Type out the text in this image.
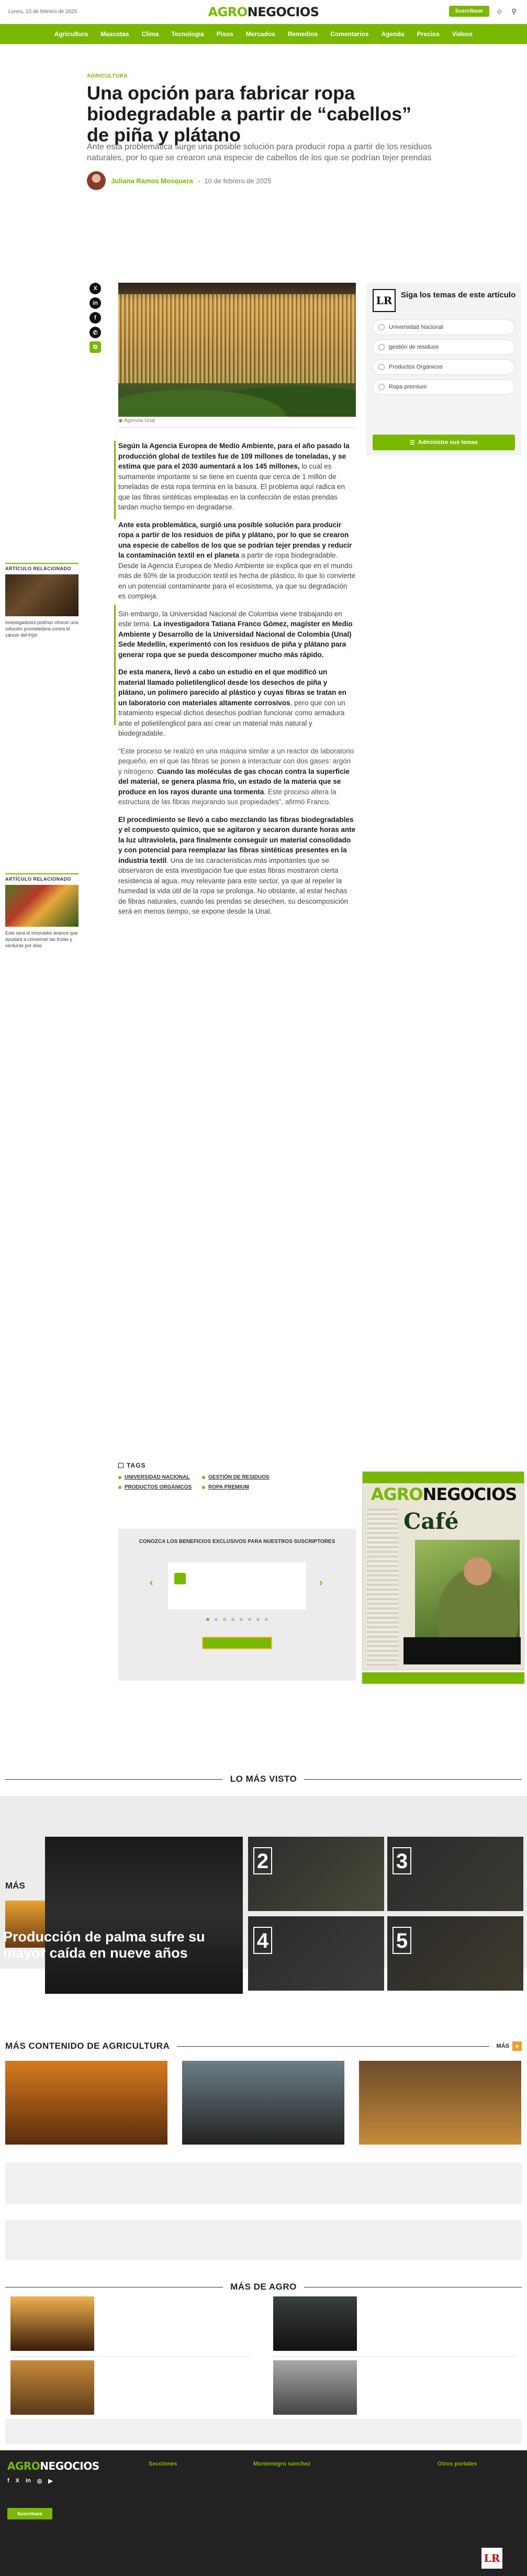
Lunes, 10 de febrero de 2025	AGRONEGOCIOS	Suscríbase	☺	⚲
Agricultura Mascotas Clima Tecnología Pisos Mercados Remedios Comentarios Agenda Precios Videos
AGRICULTURA
Una opción para fabricar ropa biodegradable a partir de “cabellos” de piña y plátano

Ante esta problemática surge una posible solución para producir ropa a partir de los residuos naturales, por lo que se crearon una especie de cabellos de los que se podrían tejer prendas

Juliana Ramos Mosquera -  10 de febrero de 2025
X
in
f
✆
⧉
◉ Agencia Unal

Según la Agencia Europea de Medio Ambiente, para el año pasado la producción global de textiles fue de 109 millones de toneladas, y se estima que para el 2030 aumentará a los 145 millones, lo cual es sumamente importante si se tiene en cuenta que cerca de 1 millón de toneladas de esta ropa termina en la basura. El problema aquí radica en que las fibras sintéticas empleadas en la confección de estas prendas tardan mucho tiempo en degradarse.

Ante esta problemática, surgió una posible solución para producir ropa a partir de los residuos de piña y plátano, por lo que se crearon una especie de cabellos de los que se podrían tejer prendas y reducir la contaminación textil en el planeta a partir de ropa biodegradable. Desde la Agencia Europea de Medio Ambiente se explica que en el mundo más de 60% de la producción textil es hecha de plástico, lo que lo convierte en un potencial contaminante para el ecosistema, ya que su degradación es compleja.

Sin embargo, la Universidad Nacional de Colombia viene trabajando en este tema. La investigadora Tatiana Franco Gómez, magíster en Medio Ambiente y Desarrollo de la Universidad Nacional de Colombia (Unal) Sede Medellín, experimentó con los residuos de piña y plátano para generar ropa que se pueda descomponer mucho más rápido.

De esta manera, llevó a cabo un estudio en el que modificó un material llamado polietilenglicol desde los desechos de piña y plátano, un polímero parecido al plástico y cuyas fibras se tratan en un laboratorio con materiales altamente corrosivos, pero que con un tratamiento especial dichos desechos podrían funcionar como armadura ante el polietilenglicol para así crear un material más natural y biodegradable.

“Este proceso se realizó en una máquina similar a un reactor de laboratorio pequeño, en el que las fibras se ponen a interactuar con dos gases: argón y nitrógeno. Cuando las moléculas de gas chocan contra la superficie del material, se genera plasma frío, un estado de la materia que se produce en los rayos durante una tormenta. Este proceso altera la estructura de las fibras mejorando sus propiedades”, afirmó Franco.

El procedimiento se llevó a cabo mezclando las fibras biodegradables y el compuesto químico, que se agitaron y secaron durante horas ante la luz ultravioleta, para finalmente conseguir un material consolidado y con potencial para reemplazar las fibras sintéticas presentes en la industria textil. Una de las características más importantes que se observaron de esta investigación fue que estas fibras mostraron cierta resistencia al agua, muy relevante para este sector, ya que al repeler la humedad la vida útil de la ropa se prolonga. No obstante, al estar hechas de fibras naturales, cuando las prendas se desechen, su descomposición será en menos tiempo, se expone desde la Unal.

ARTÍCULO RELACIONADO
Investigadores podrían ofrecer una solución prometedora contra el cáncer del fríjol
ARTÍCULO RELACIONADO
Este será el innovador avance que ayudará a conservar las frutas y verduras por días
LR	Siga los temas de este artículo
Universidad Nacional
gestión de residuos
Productos Orgánicos
Ropa premium
☰ Administre sus temas
TAGS
UNIVERSIDAD NACIONAL	GESTIÓN DE RESIDUOS
PRODUCTOS ORGÁNICOS	ROPA PREMIUM
CONOZCA LOS BENEFICIOS EXCLUSIVOS PARA NUESTROS SUSCRIPTORES
‹	›
AGRONEGOCIOS
Café
LO MÁS VISTO
MÁS
Producción de palma sufre su mayor caída en nueve años
2	3
4	5
MÁS CONTENIDO DE AGRICULTURA	MÁS +
MÁS DE AGRO
AGRONEGOCIOS
f X in ◎ ▶
Suscríbase
Secciones	Montenegro sanchez	Otros portales
LR
